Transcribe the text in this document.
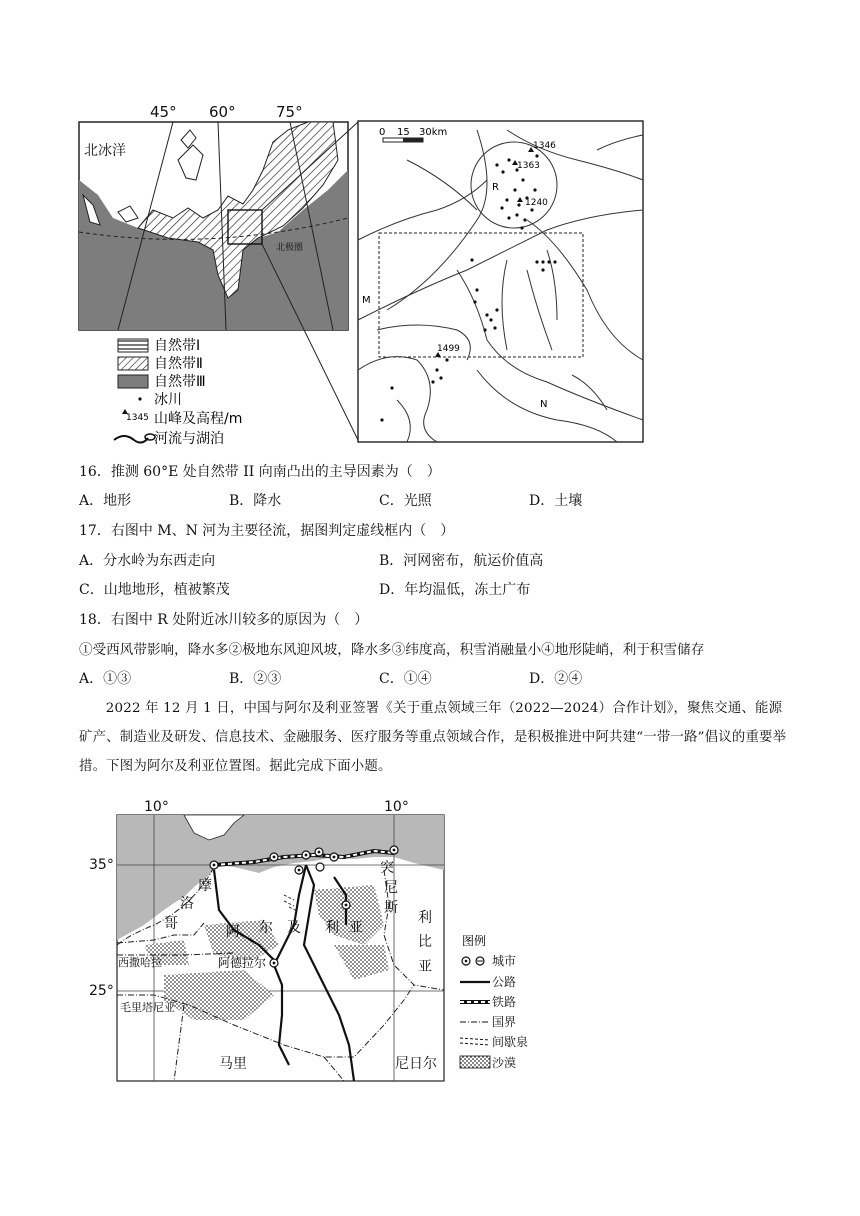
45° 60°	75°
北冰洋
北极圈
0 15 30km
1346
1363
1240
1499
R
M
N
1345
自然带Ⅰ
自然带Ⅱ
自然带Ⅲ
冰川
山峰及高程/m
河流与湖泊
16．推测 60°E 处自然带 II 向南凸出的主导因素为（　）
A．地形	B．降水	C．光照	D．土壤
17．右图中 M、N 河为主要径流，据图判定虚线框内（　）
A．分水岭为东西走向	B．河网密布，航运价值高
C．山地地形，植被繁茂	D．年均温低，冻土广布
18．右图中 R 处附近冰川较多的原因为（　）
①受西风带影响，降水多②极地东风迎风坡，降水多③纬度高，积雪消融量小④地形陡峭，利于积雪储存
A．①③	B．②③	C．①④	D．②④
2022 年 12 月 1 日，中国与阿尔及利亚签署《关于重点领域三年（2022—2024）合作计划》，聚焦交通、能源矿产、制造业及研发、信息技术、金融服务、医疗服务等重点领域合作，是积极推进中阿共建“一带一路”倡议的重要举措。下图为阿尔及利亚位置图。据此完成下面小题。
10°	10°
35°
25°
摩
洛
哥
突
尼
斯
利
比
亚
阿 尔 及 利 亚
马里	尼日尔
西撒哈拉
毛里塔尼亚
阿德拉尔
图例
城市
公路
铁路
国界
间歇泉
沙漠
